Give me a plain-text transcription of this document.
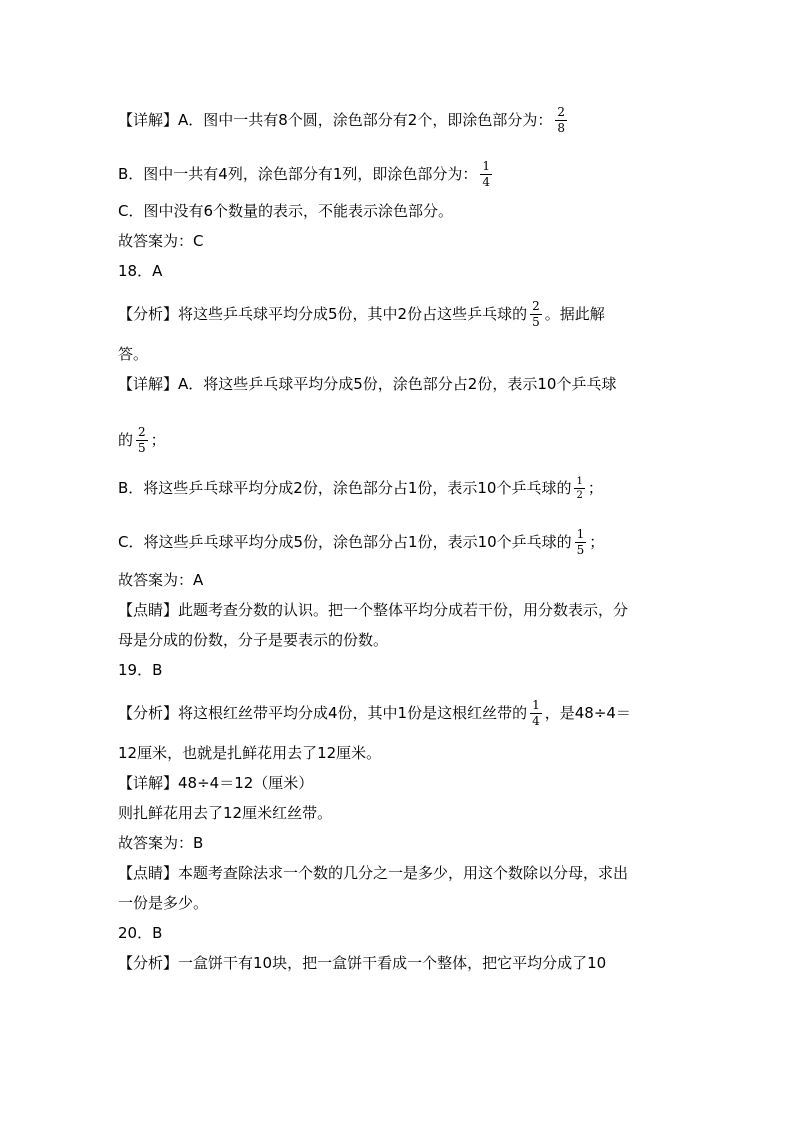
【详解】A．图中一共有8个圆，涂色部分有2个，即涂色部分为： $\frac{2}{8}$
B．图中一共有4列，涂色部分有1列，即涂色部分为： $\frac{1}{4}$
C．图中没有6个数量的表示，不能表示涂色部分。
故答案为：C
18．A
【分析】将这些乒乓球平均分成5份，其中2份占这些乒乓球的 $\frac{2}{5}$ 。据此解
答。
【详解】A．将这些乒乓球平均分成5份，涂色部分占2份，表示10个乒乓球
的 $\frac{2}{5}$ ；
B．将这些乒乓球平均分成2份，涂色部分占1份，表示10个乒乓球的 $\frac{1}{2}$ ；
C．将这些乒乓球平均分成5份，涂色部分占1份，表示10个乒乓球的 $\frac{1}{5}$ ；
故答案为：A
【点睛】此题考查分数的认识。把一个整体平均分成若干份，用分数表示，分
母是分成的份数，分子是要表示的份数。
19．B
【分析】将这根红丝带平均分成4份，其中1份是这根红丝带的 $\frac{1}{4}$ ，是48÷4＝
12厘米，也就是扎鲜花用去了12厘米。
【详解】48÷4＝12（厘米）
则扎鲜花用去了12厘米红丝带。
故答案为：B
【点睛】本题考查除法求一个数的几分之一是多少，用这个数除以分母，求出
一份是多少。
20．B
【分析】一盒饼干有10块，把一盒饼干看成一个整体，把它平均分成了10
